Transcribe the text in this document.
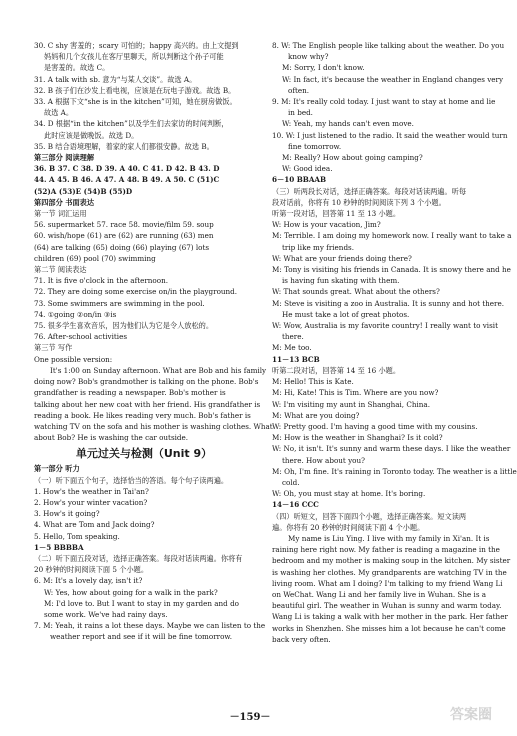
30. C shy 害羞的；scary 可怕的；happy 高兴的。由上文提到
妈妈和几个女孩儿在客厅里聊天，所以判断这个孙子可能
是害羞的。故选 C。
31. A talk with sb. 意为“与某人交谈”。故选 A。
32. B 孩子们在沙发上看电视，应该是在玩电子游戏。故选 B。
33. A 根据下文“she is in the kitchen”可知，她在厨房做饭。
故选 A。
34. D 根据“in the kitchen”以及学生们去家访的时间判断，
此时应该是做晚饭。故选 D。
35. B 结合语境理解，着家的家人们都很安静。故选 B。
第三部分 阅读理解
36. B 37. C 38. D 39. A 40. C 41. D 42. B 43. D
44. A 45. B 46. A 47. A 48. B 49. A 50. C (51)C
(52)A (53)E (54)B (55)D
第四部分 书面表达
第一节 词汇运用
56. supermarket 57. race 58. movie/film 59. soup
60. wish/hope (61) are (62) are running (63) men
(64) are talking (65) doing (66) playing (67) lots
children (69) pool (70) swimming
第二节 阅读表达
71. It is five o'clock in the afternoon.
72. They are doing some exercise on/in the playground.
73. Some swimmers are swimming in the pool.
74. ①going ②on/in ③is
75. 很多学生喜欢音乐，因为他们认为它是令人放松的。
76. After-school activities
第三节 写作
One possible version:
It's 1:00 on Sunday afternoon. What are Bob and his family
doing now? Bob's grandmother is talking on the phone. Bob's
grandfather is reading a newspaper. Bob's mother is
talking about her new coat with her friend. His grandfather is
reading a book. He likes reading very much. Bob's father is
watching TV on the sofa and his mother is washing clothes. What
about Bob? He is washing the car outside.
单元过关与检测（Unit 9）
第一部分 听力
（一）听下面五个句子，选择恰当的答语。每个句子读两遍。
1. How's the weather in Tai'an?
2. How's your winter vacation?
3. How's it going?
4. What are Tom and Jack doing?
5. Hello, Tom speaking.
1－5 BBBBA
（二）听下面五段对话，选择正确答案。每段对话读两遍。你将有
20 秒钟的时间阅读下面 5 个小题。
6. M: It's a lovely day, isn't it?
W: Yes, how about going for a walk in the park?
M: I'd love to. But I want to stay in my garden and do
some work. We've had rainy days.
7. M: Yeah, it rains a lot these days. Maybe we can listen to the
weather report and see if it will be fine tomorrow.
8. W: The English people like talking about the weather. Do you
know why?
M: Sorry, I don't know.
W: In fact, it's because the weather in England changes very
often.
9. M: It's really cold today. I just want to stay at home and lie
in bed.
W: Yeah, my hands can't even move.
10. W: I just listened to the radio. It said the weather would turn
fine tomorrow.
M: Really? How about going camping?
W: Good idea.
6－10 BBAAB
（三）听两段长对话，选择正确答案。每段对话读两遍。听每
段对话前，你将有 10 秒钟的时间阅读下列 3 个小题。
听第一段对话，回答第 11 至 13 小题。
W: How is your vacation, Jim?
M: Terrible. I am doing my homework now. I really want to take a
trip like my friends.
W: What are your friends doing there?
M: Tony is visiting his friends in Canada. It is snowy there and he
is having fun skating with them.
W: That sounds great. What about the others?
M: Steve is visiting a zoo in Australia. It is sunny and hot there.
He must take a lot of great photos.
W: Wow, Australia is my favorite country! I really want to visit
there.
M: Me too.
11－13 BCB
听第二段对话，回答第 14 至 16 小题。
M: Hello! This is Kate.
M: Hi, Kate! This is Tim. Where are you now?
W: I'm visiting my aunt in Shanghai, China.
M: What are you doing?
W: Pretty good. I'm having a good time with my cousins.
M: How is the weather in Shanghai? Is it cold?
W: No, it isn't. It's sunny and warm these days. I like the weather
there. How about you?
M: Oh, I'm fine. It's raining in Toronto today. The weather is a little
cold.
W: Oh, you must stay at home. It's boring.
14－16 CCC
（四）听短文，回答下面四个小题，选择正确答案。短文读两
遍。你将有 20 秒钟的时间阅读下面 4 个小题。
My name is Liu Ying. I live with my family in Xi'an. It is
raining here right now. My father is reading a magazine in the
bedroom and my mother is making soup in the kitchen. My sister
is washing her clothes. My grandparents are watching TV in the
living room. What am I doing? I'm talking to my friend Wang Li
on WeChat. Wang Li and her family live in Wuhan. She is a
beautiful girl. The weather in Wuhan is sunny and warm today.
Wang Li is taking a walk with her mother in the park. Her father
works in Shenzhen. She misses him a lot because he can't come
back very often.
－159－	答案圈
